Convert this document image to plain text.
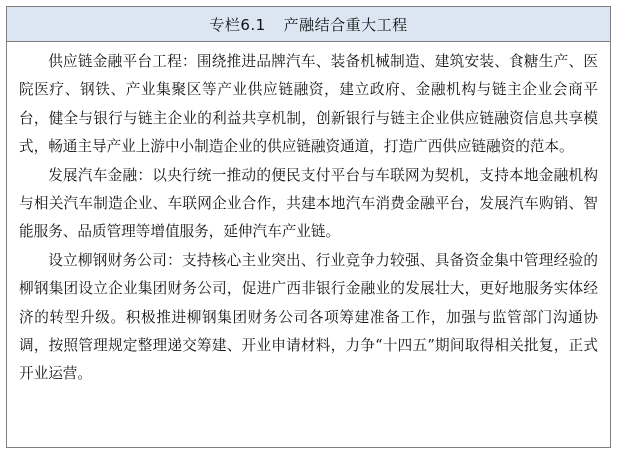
专栏6.1 产融结合重大工程

供应链金融平台工程：围绕推进品牌汽车、装备机械制造、建筑安装、食糖生产、医院医疗、钢铁、产业集聚区等产业供应链融资，建立政府、金融机构与链主企业会商平台，健全与银行与链主企业的利益共享机制，创新银行与链主企业供应链融资信息共享模式，畅通主导产业上游中小制造企业的供应链融资通道，打造广西供应链融资的范本。

发展汽车金融：以央行统一推动的便民支付平台与车联网为契机，支持本地金融机构与相关汽车制造企业、车联网企业合作，共建本地汽车消费金融平台，发展汽车购销、智能服务、品质管理等增值服务，延伸汽车产业链。

设立柳钢财务公司：支持核心主业突出、行业竞争力较强、具备资金集中管理经验的柳钢集团设立企业集团财务公司，促进广西非银行金融业的发展壮大，更好地服务实体经济的转型升级。积极推进柳钢集团财务公司各项筹建准备工作，加强与监管部门沟通协调，按照管理规定整理递交筹建、开业申请材料，力争“十四五”期间取得相关批复，正式开业运营。
